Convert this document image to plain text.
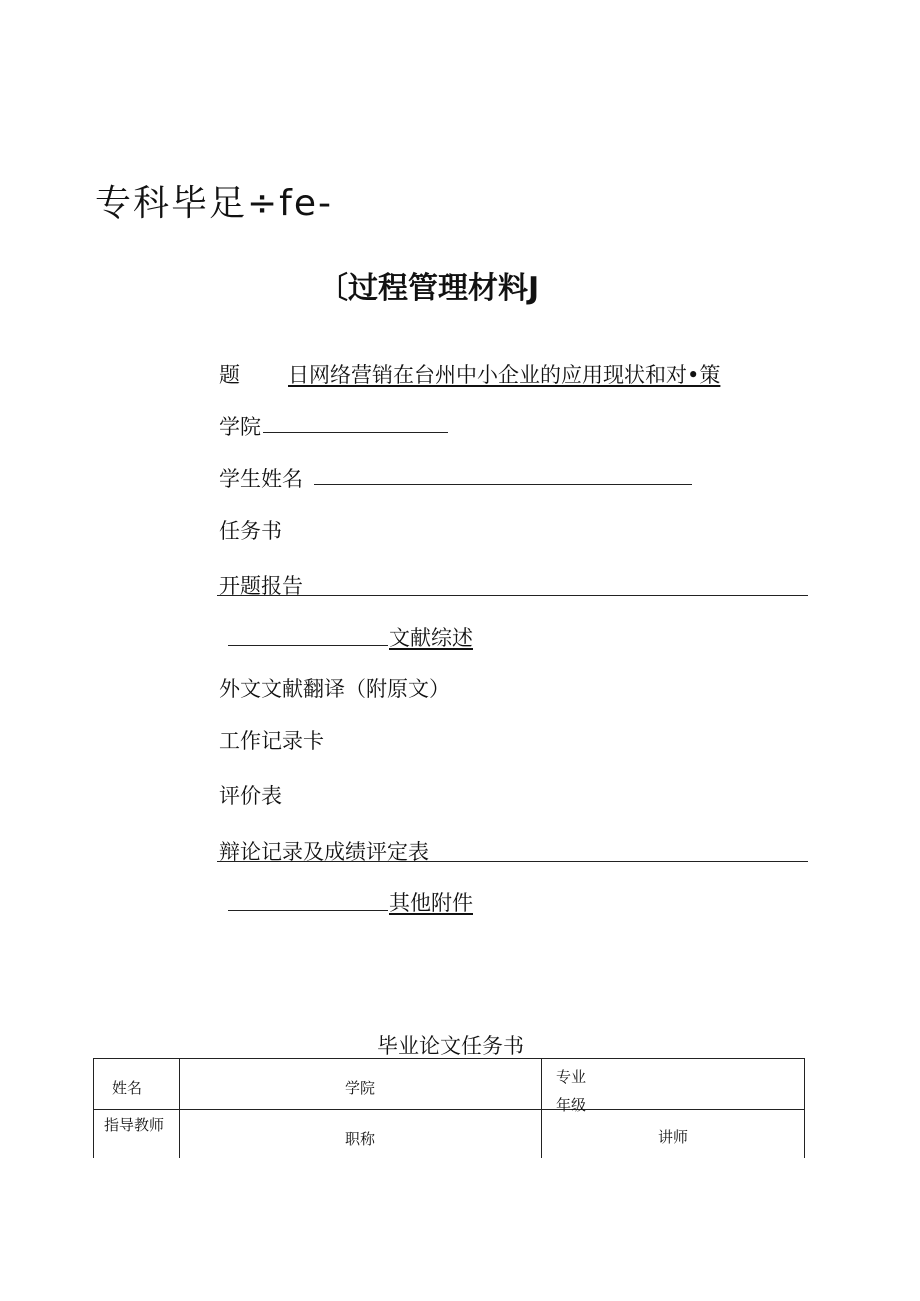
专科毕足÷fe-
〔过程管理材料J
题 日网络营销在台州中小企业的应用现状和对•策
学院
学生姓名
任务书
开题报告
文献综述
外文文献翻译（附原文）
工作记录卡
评价表
辩论记录及成绩评定表
其他附件
毕业论文任务书
姓名	学院	专业
年级

指导教师	职称	讲师
